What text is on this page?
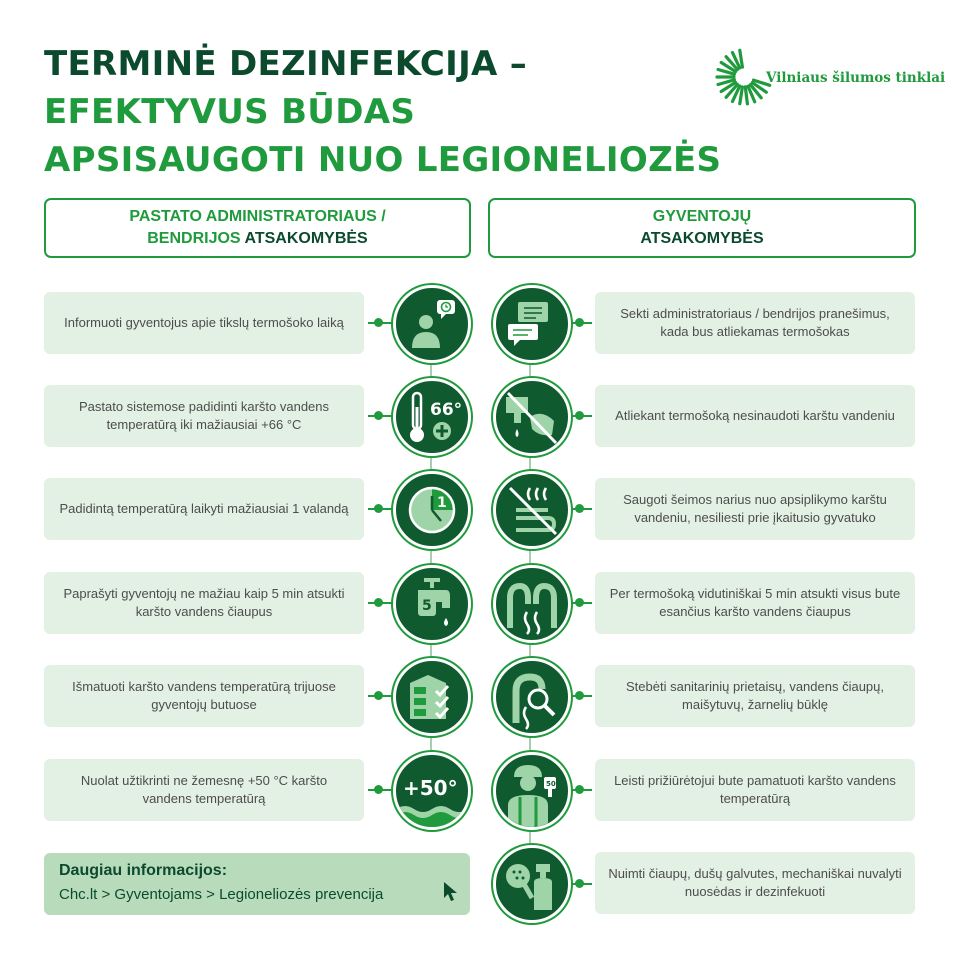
TERMINĖ DEZINFEKCIJA –
EFEKTYVUS BŪDAS
APSISAUGOTI NUO LEGIONELIOZĖS
Vilniaus šilumos tinklai
PASTATO ADMINISTRATORIAUS /
BENDRIJOS ATSAKOMYBĖS
GYVENTOJŲ
ATSAKOMYBĖS
Informuoti gyventojus apie tikslų termošoko laiką
Pastato sistemose padidinti karšto vandens temperatūrą iki mažiausiai +66 °C
Padidintą temperatūrą laikyti mažiausiai 1 valandą
Paprašyti gyventojų ne mažiau kaip 5 min atsukti karšto vandens čiaupus
Išmatuoti karšto vandens temperatūrą trijuose gyventojų butuose
Nuolat užtikrinti ne žemesnę +50 °C karšto vandens temperatūrą
Sekti administratoriaus / bendrijos pranešimus, kada bus atliekamas termošokas
Atliekant termošoką nesinaudoti karštu vandeniu
Saugoti šeimos narius nuo apsiplikymo karštu vandeniu, nesiliesti prie įkaitusio gyvatuko
Per termošoką vidutiniškai 5 min atsukti visus bute esančius karšto vandens čiaupus
Stebėti sanitarinių prietaisų, vandens čiaupų, maišytuvų, žarnelių būklę
Leisti prižiūrėtojui bute pamatuoti karšto vandens temperatūrą
Nuimti čiaupų, dušų galvutes, mechaniškai nuvalyti nuosėdas ir dezinfekuoti
66°
1
5
+50°	50
Daugiau informacijos:
Chc.lt > Gyventojams > Legioneliozės prevencija
